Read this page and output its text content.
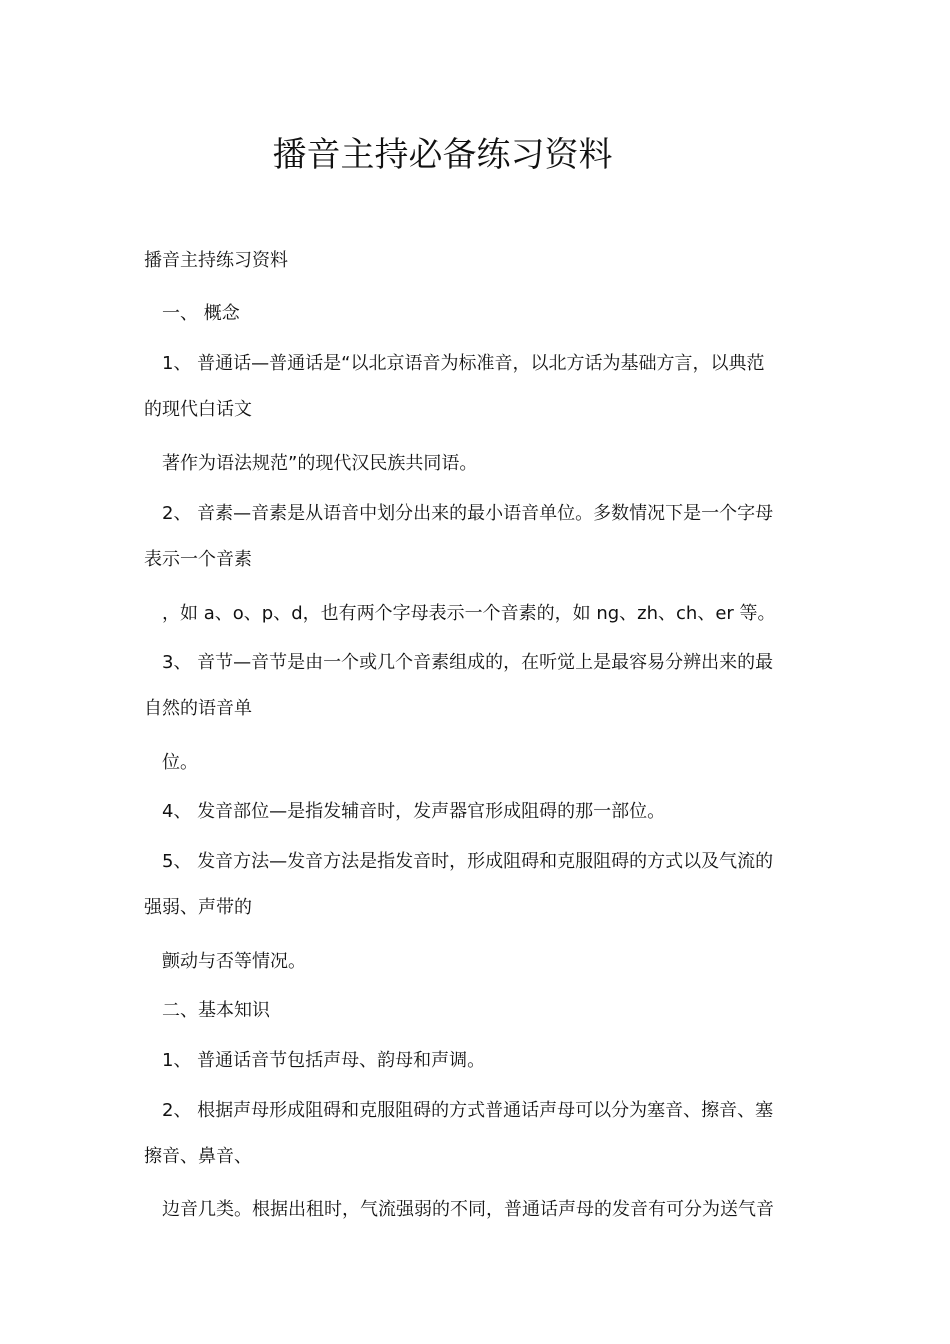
播音主持必备练习资料
播音主持练习资料
一、 概念
1、 普通话—普通话是“以北京语音为标准音，以北方话为基础方言，以典范
的现代白话文
著作为语法规范”的现代汉民族共同语。
2、 音素—音素是从语音中划分出来的最小语音单位。多数情况下是一个字母
表示一个音素
，如 a、o、p、d，也有两个字母表示一个音素的，如 ng、zh、ch、er 等。
3、 音节—音节是由一个或几个音素组成的，在听觉上是最容易分辨出来的最
自然的语音单
位。
4、 发音部位—是指发辅音时，发声器官形成阻碍的那一部位。
5、 发音方法—发音方法是指发音时，形成阻碍和克服阻碍的方式以及气流的
强弱、声带的
颤动与否等情况。
二、基本知识
1、 普通话音节包括声母、韵母和声调。
2、 根据声母形成阻碍和克服阻碍的方式普通话声母可以分为塞音、擦音、塞
擦音、鼻音、
边音几类。根据出租时，气流强弱的不同，普通话声母的发音有可分为送气音
